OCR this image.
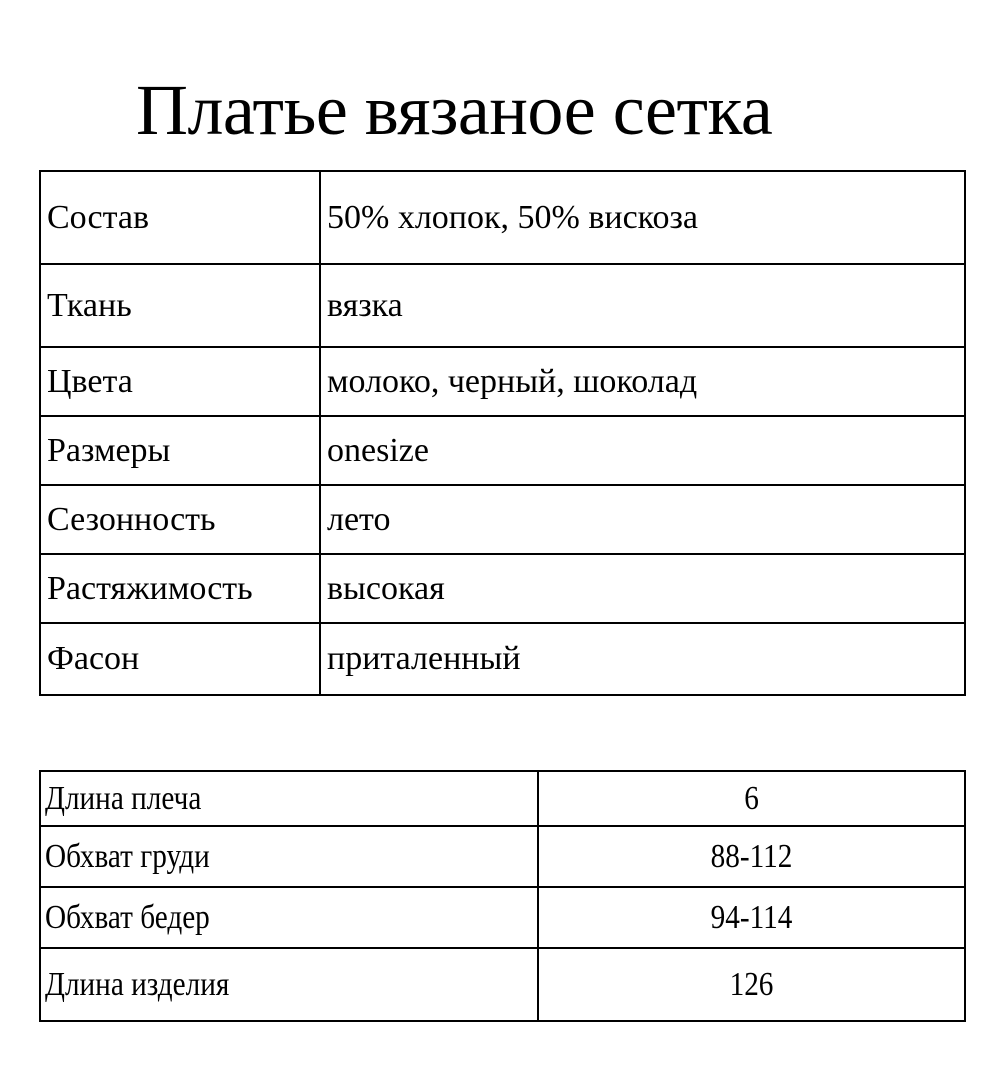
Платье вязаное сетка
Состав	50% хлопок, 50% вискоза
Ткань	вязка
Цвета	молоко, черный, шоколад
Размеры	onesize
Сезонность	лето
Растяжимость	высокая
Фасон	приталенный
Длина плеча	6
Обхват груди	88-112
Обхват бедер	94-114
Длина изделия	126
